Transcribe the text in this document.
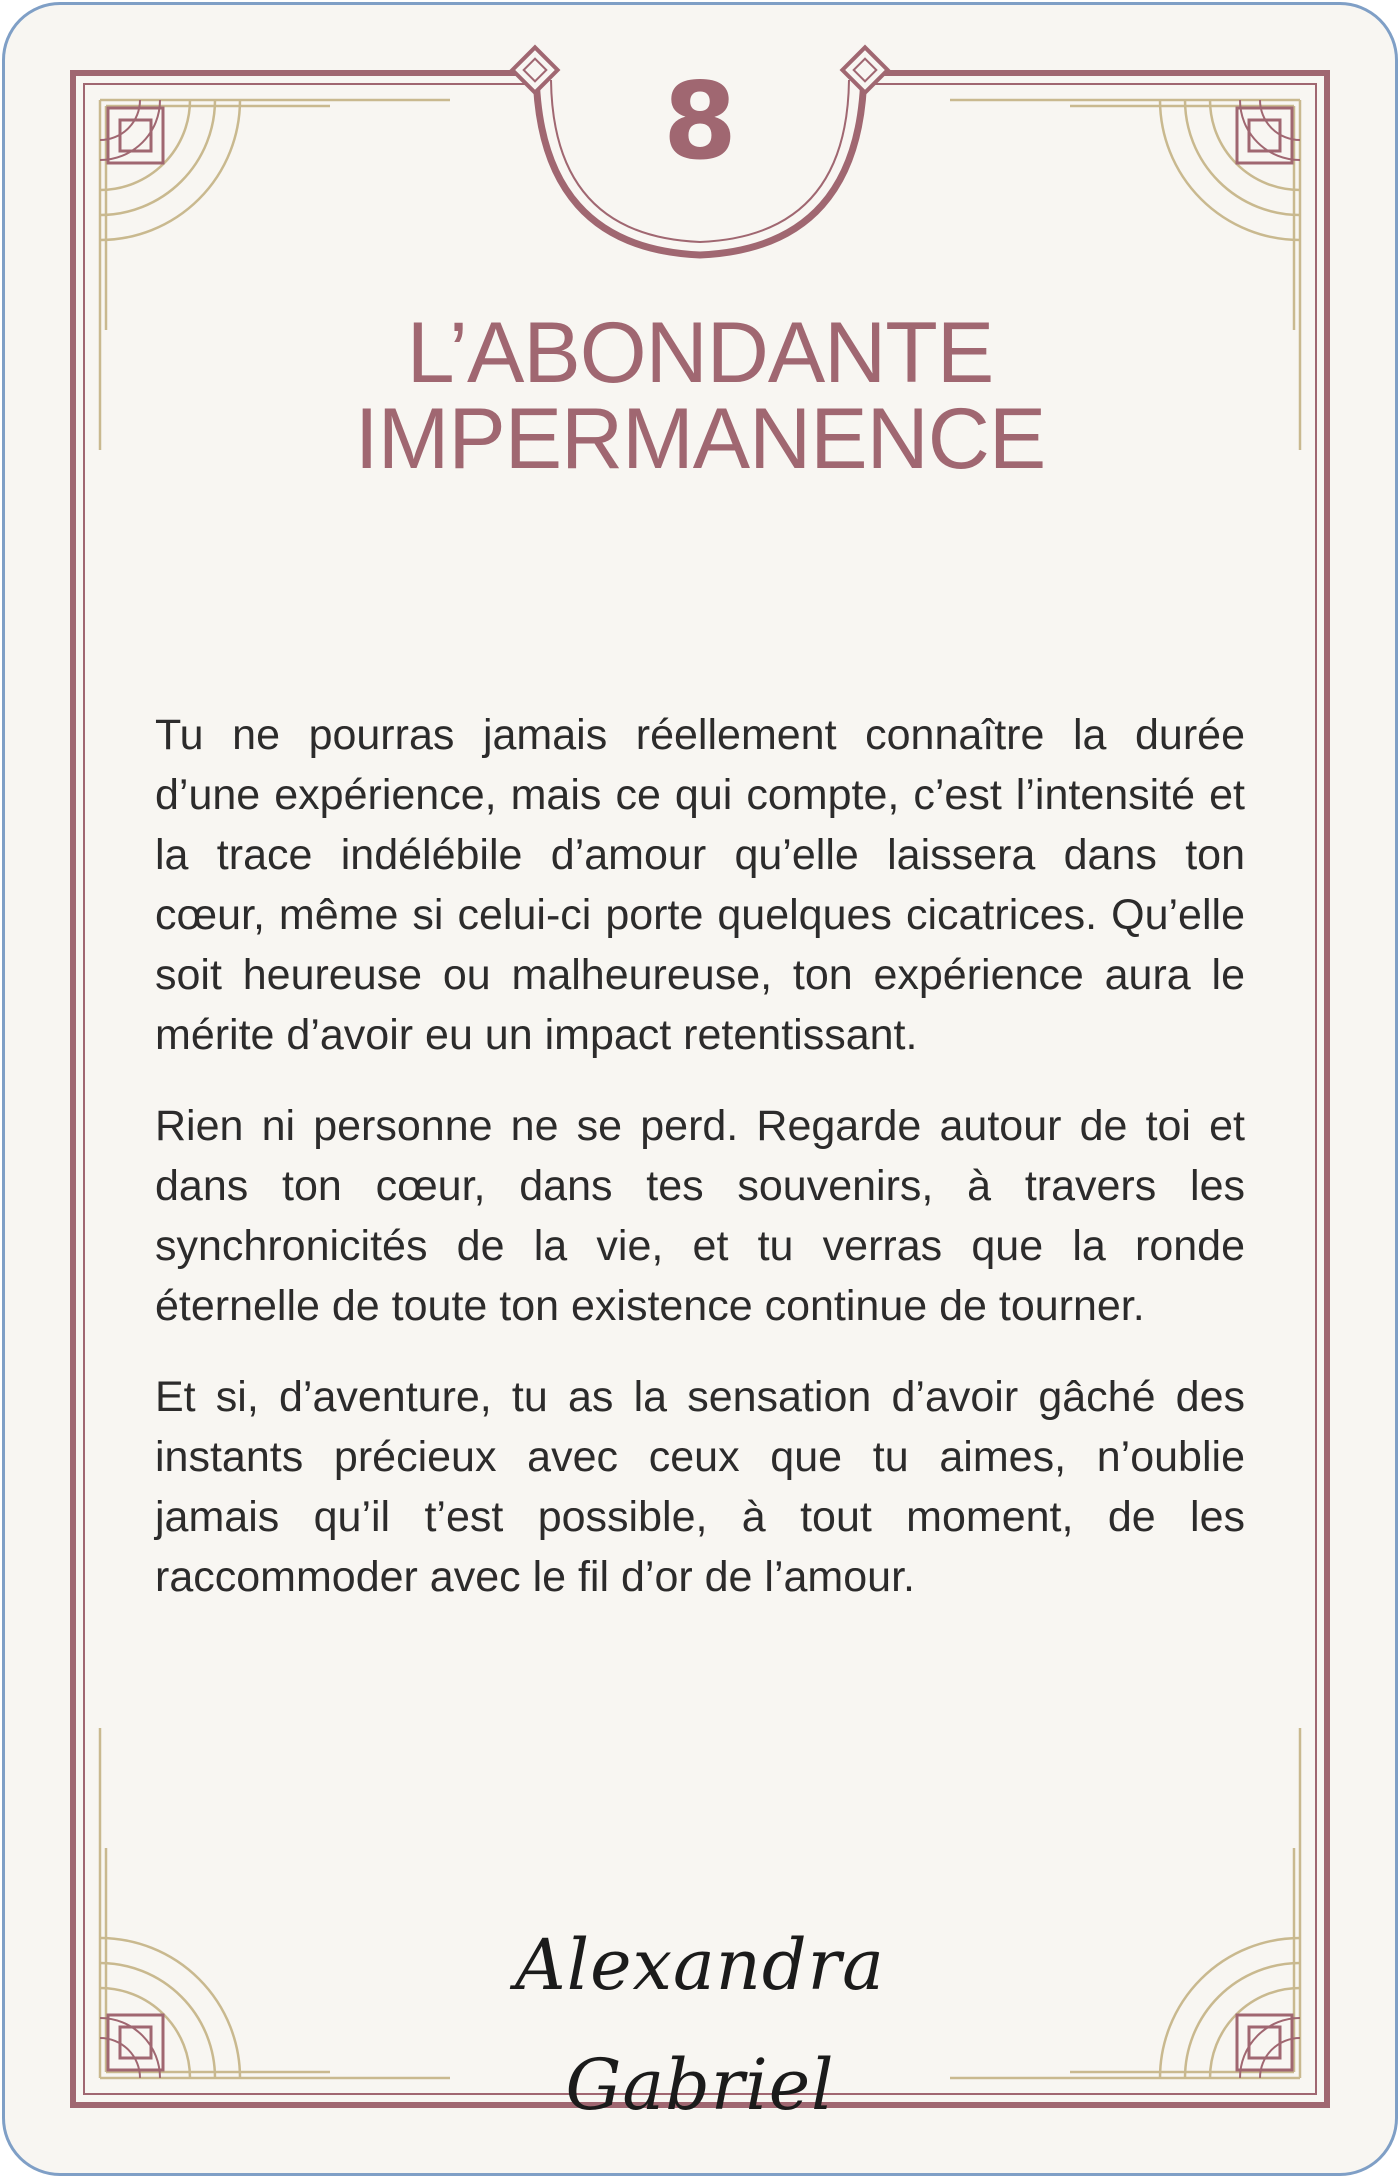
8
L’ABONDANTE
IMPERMANENCE

Tu ne pourras jamais réellement connaître la durée d’une expérience, mais ce qui compte, c’est l’intensité et la trace indélébile d’amour qu’elle laissera dans ton cœur, même si celui-ci porte quelques cicatrices. Qu’elle soit heureuse ou malheureuse, ton expérience aura le mérite d’avoir eu un impact retentissant.

Rien ni personne ne se perd. Regarde autour de toi et dans ton cœur, dans tes souvenirs, à travers les synchronicités de la vie, et tu verras que la ronde éternelle de toute ton existence continue de tourner.

Et si, d’aventure, tu as la sensation d’avoir gâché des instants précieux avec ceux que tu aimes, n’oublie jamais qu’il t’est possible, à tout moment, de les raccommoder avec le fil d’or de l’amour.

Alexandra Gabriel
